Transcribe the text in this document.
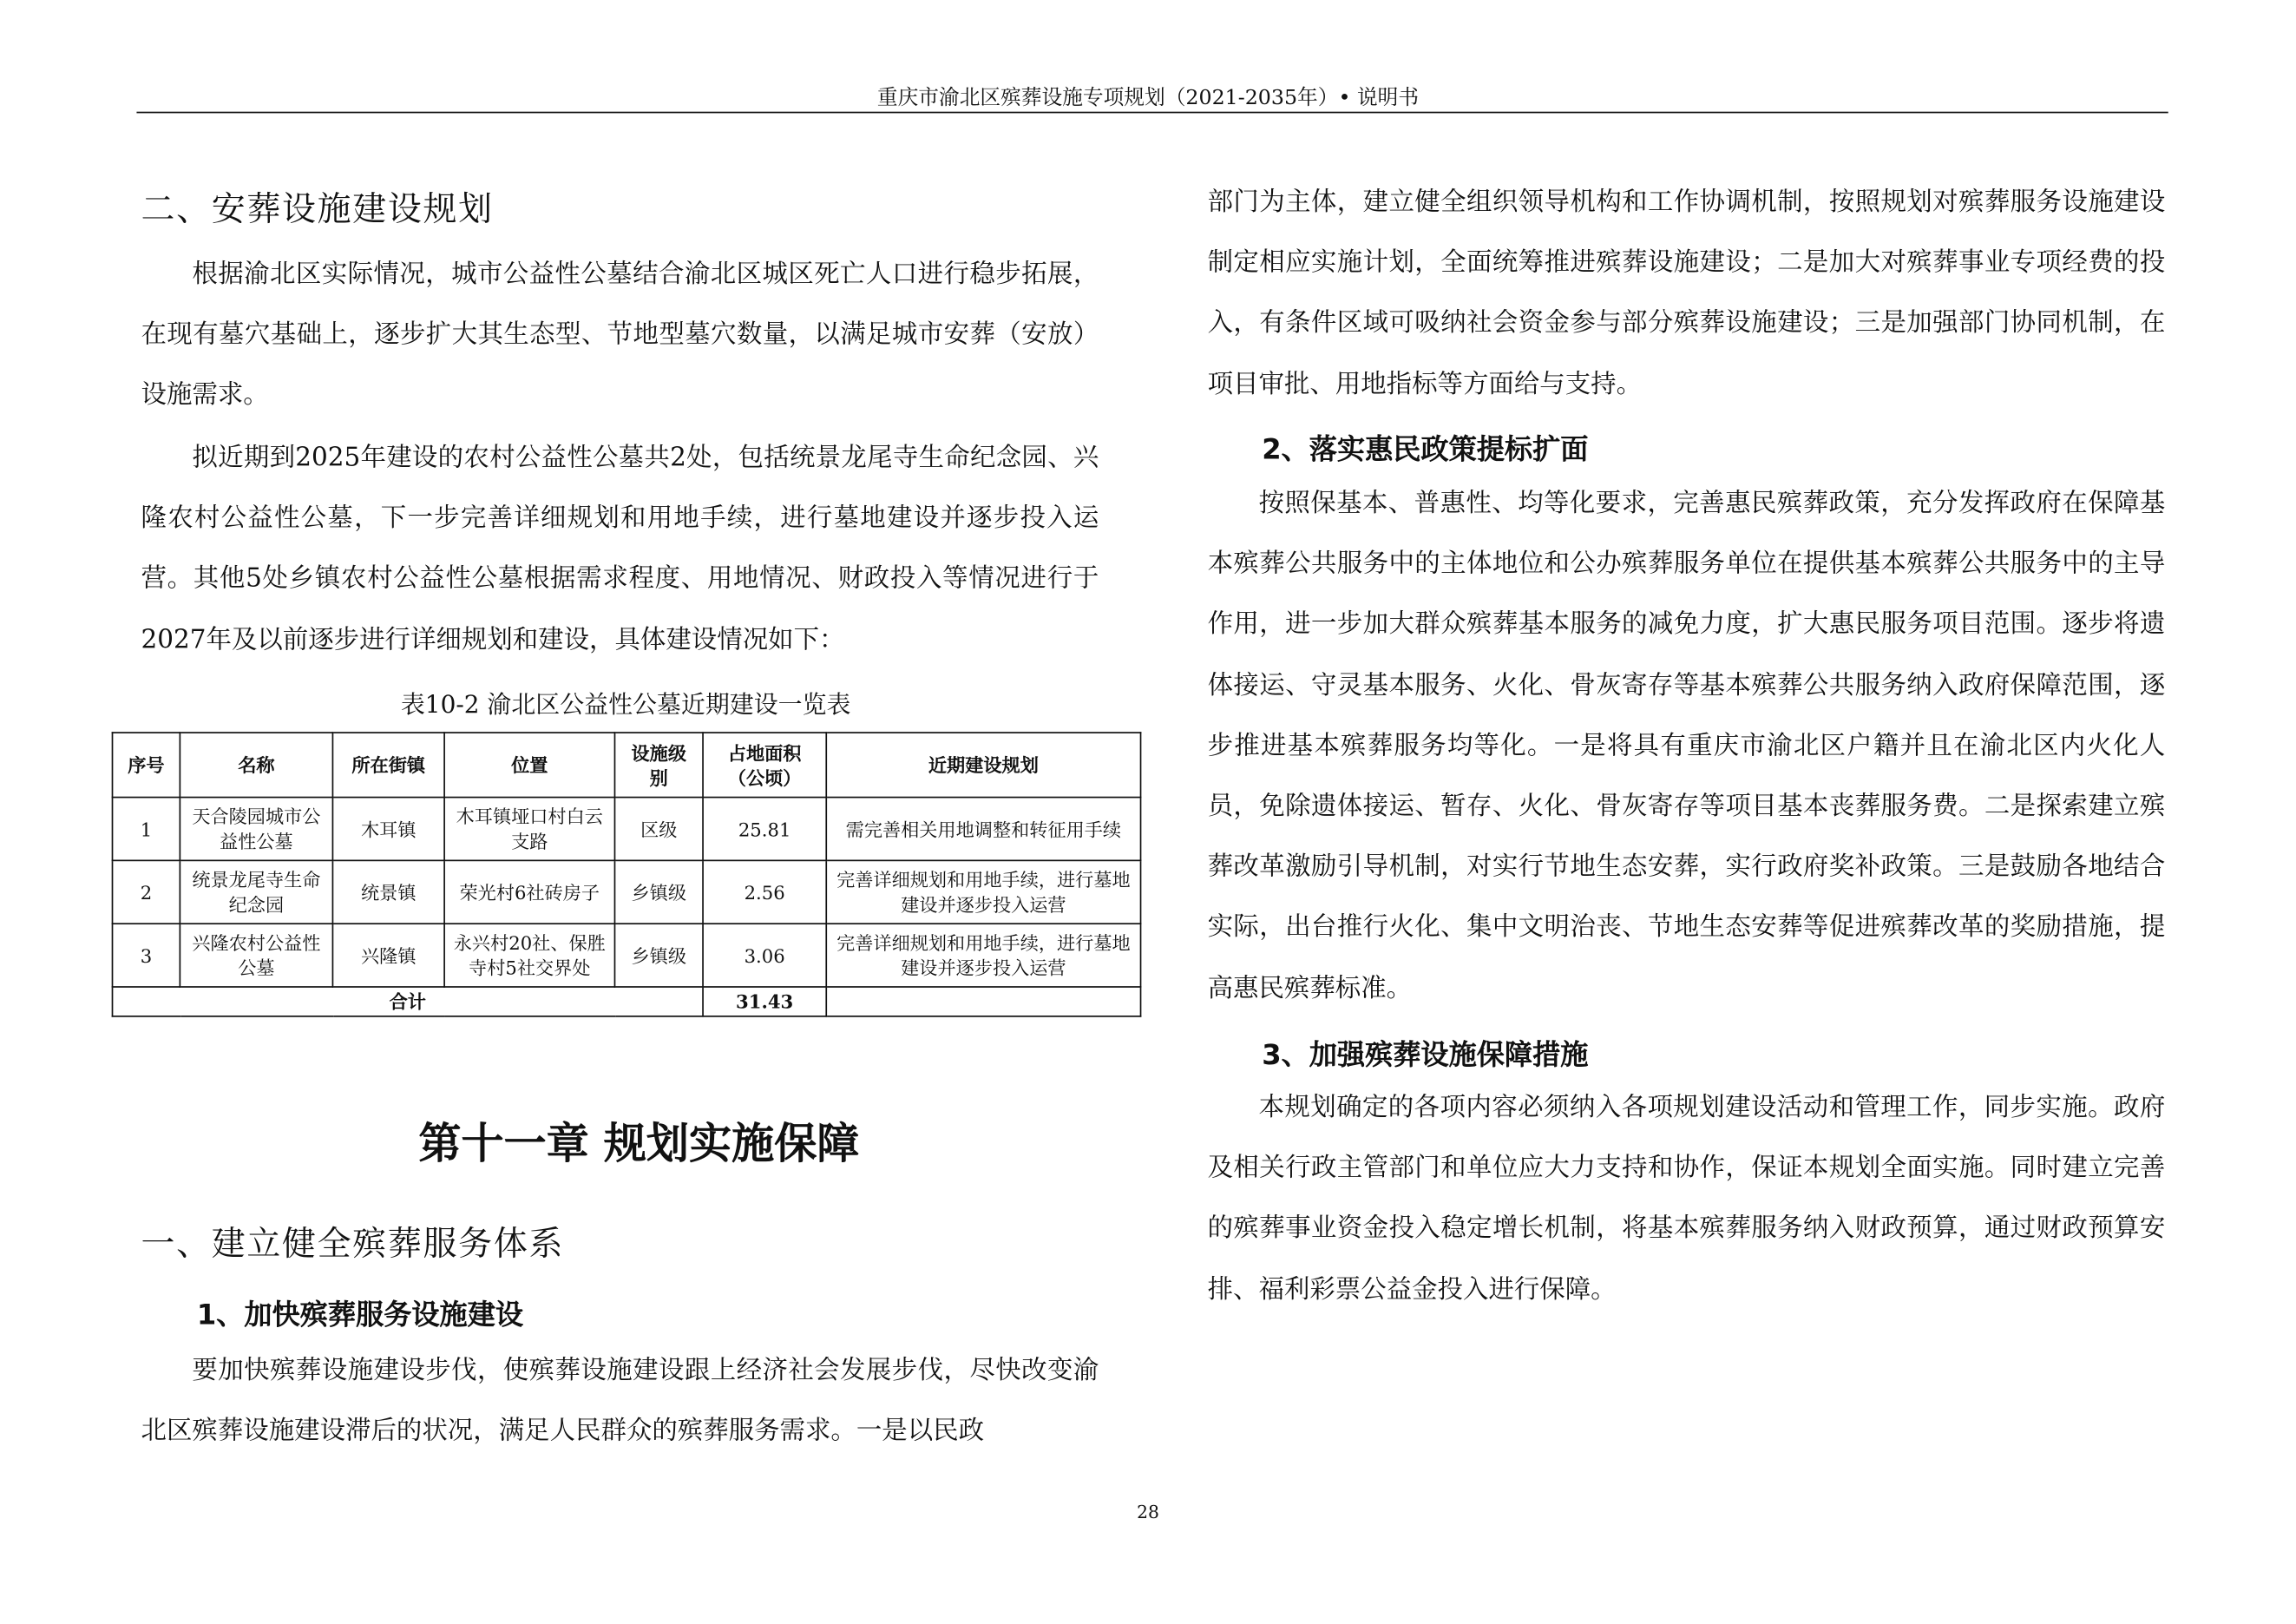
重庆市渝北区殡葬设施专项规划（2021-2035年）• 说明书
二、安葬设施建设规划
根据渝北区实际情况，城市公益性公墓结合渝北区城区死亡人口进行稳步拓展，在现有墓穴基础上，逐步扩大其生态型、节地型墓穴数量，以满足城市安葬（安放）设施需求。
拟近期到2025年建设的农村公益性公墓共2处，包括统景龙尾寺生命纪念园、兴隆农村公益性公墓，下一步完善详细规划和用地手续，进行墓地建设并逐步投入运营。其他5处乡镇农村公益性公墓根据需求程度、用地情况、财政投入等情况进行于2027年及以前逐步进行详细规划和建设，具体建设情况如下：
表10-2 渝北区公益性公墓近期建设一览表
序号	名称	所在街镇	位置	设施级别	占地面积（公顷）	近期建设规划
1	天合陵园城市公益性公墓	木耳镇	木耳镇垭口村白云支路	区级	25.81	需完善相关用地调整和转征用手续
2	统景龙尾寺生命纪念园	统景镇	荣光村6社砖房子	乡镇级	2.56	完善详细规划和用地手续，进行墓地建设并逐步投入运营
3	兴隆农村公益性公墓	兴隆镇	永兴村20社、保胜寺村5社交界处	乡镇级	3.06	完善详细规划和用地手续，进行墓地建设并逐步投入运营
合计					31.43	
第十一章 规划实施保障
一、建立健全殡葬服务体系
1、加快殡葬服务设施建设
要加快殡葬设施建设步伐，使殡葬设施建设跟上经济社会发展步伐，尽快改变渝北区殡葬设施建设滞后的状况，满足人民群众的殡葬服务需求。一是以民政
部门为主体，建立健全组织领导机构和工作协调机制，按照规划对殡葬服务设施建设制定相应实施计划，全面统筹推进殡葬设施建设；二是加大对殡葬事业专项经费的投入，有条件区域可吸纳社会资金参与部分殡葬设施建设；三是加强部门协同机制，在项目审批、用地指标等方面给与支持。
2、落实惠民政策提标扩面
按照保基本、普惠性、均等化要求，完善惠民殡葬政策，充分发挥政府在保障基本殡葬公共服务中的主体地位和公办殡葬服务单位在提供基本殡葬公共服务中的主导作用，进一步加大群众殡葬基本服务的减免力度，扩大惠民服务项目范围。逐步将遗体接运、守灵基本服务、火化、骨灰寄存等基本殡葬公共服务纳入政府保障范围，逐步推进基本殡葬服务均等化。一是将具有重庆市渝北区户籍并且在渝北区内火化人员，免除遗体接运、暂存、火化、骨灰寄存等项目基本丧葬服务费。二是探索建立殡葬改革激励引导机制，对实行节地生态安葬，实行政府奖补政策。三是鼓励各地结合实际，出台推行火化、集中文明治丧、节地生态安葬等促进殡葬改革的奖励措施，提高惠民殡葬标准。
3、加强殡葬设施保障措施
本规划确定的各项内容必须纳入各项规划建设活动和管理工作，同步实施。政府及相关行政主管部门和单位应大力支持和协作，保证本规划全面实施。同时建立完善的殡葬事业资金投入稳定增长机制，将基本殡葬服务纳入财政预算，通过财政预算安排、福利彩票公益金投入进行保障。
28
